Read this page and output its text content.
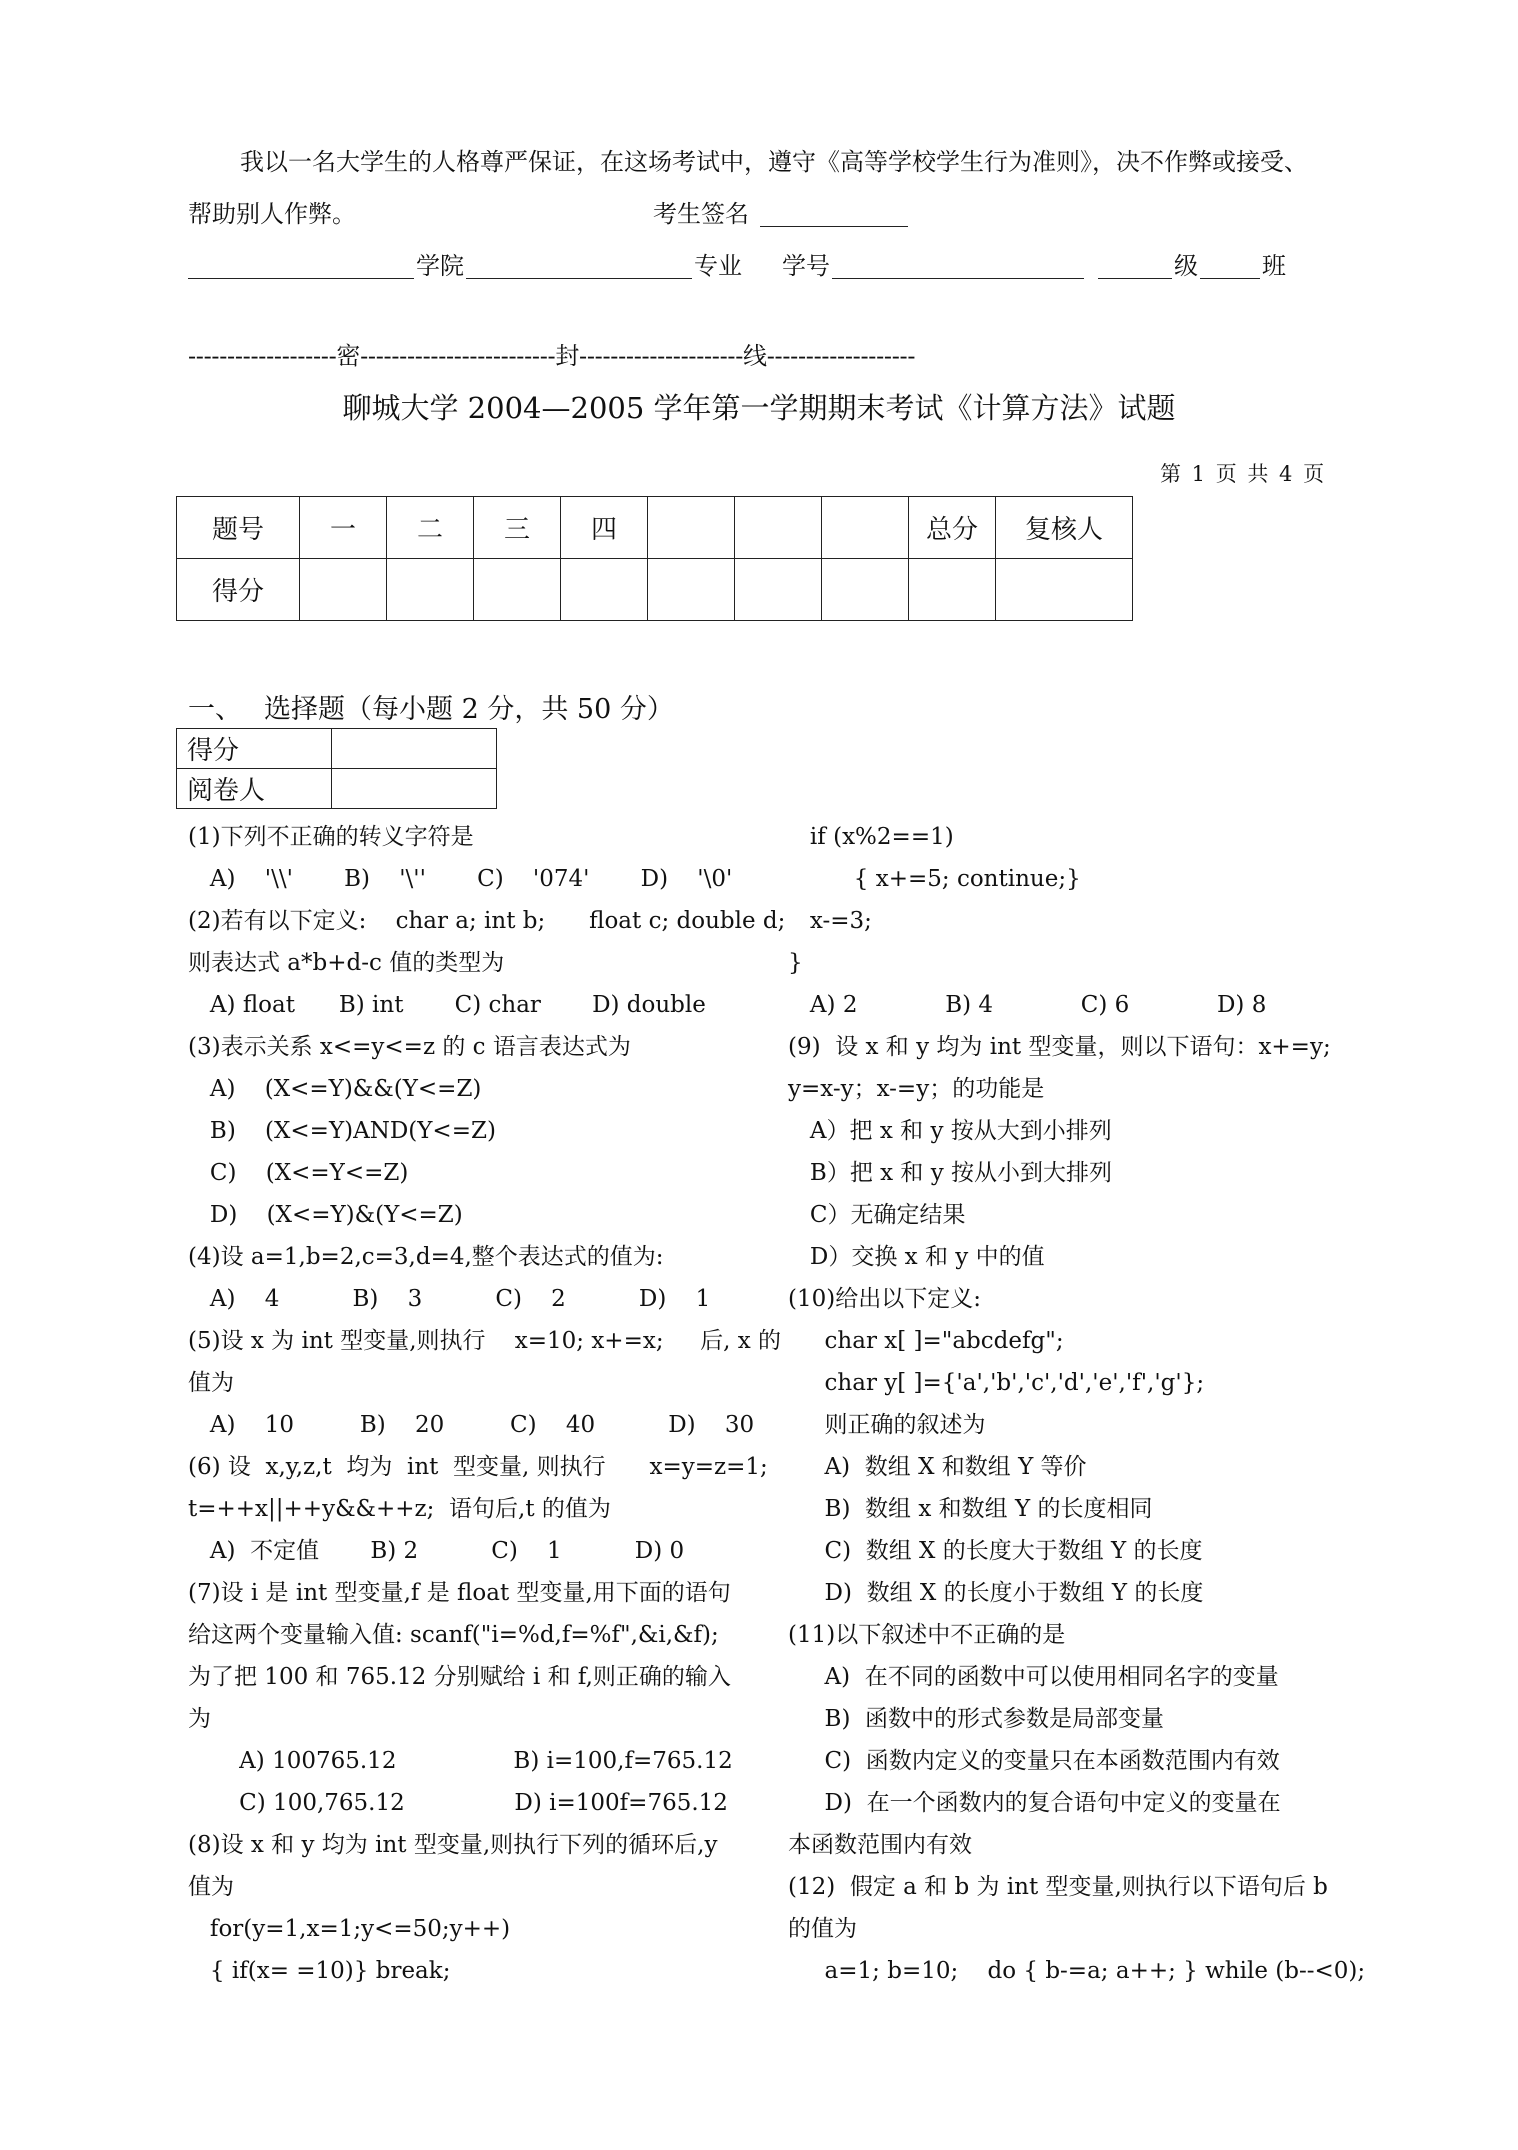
我以一名大学生的人格尊严保证，在这场考试中，遵守《高等学校学生行为准则》，决不作弊或接受、
帮助别人作弊。	考生签名
学院	专业 学号	级	班

-------------------密-------------------------封---------------------线-------------------

聊城大学 2004—2005 学年第一学期期末考试《计算方法》试题
第 1 页 共 4 页
题号	一	二	三	四				总分	复核人
得分									
一、 选择题（每小题 2 分，共 50 分）
得分	
阅卷人	
(1)下列不正确的转义字符是
A)    '\\'       B)    '\''       C)    '074'       D)    '\0'
(2)若有以下定义:    char a; int b;      float c; double d;
则表达式 a*b+d-c 值的类型为
A) float      B) int       C) char       D) double
(3)表示关系 x<=y<=z 的 c 语言表达式为
A)    (X<=Y)&&(Y<=Z)
B)    (X<=Y)AND(Y<=Z)
C)    (X<=Y<=Z)
D)    (X<=Y)&(Y<=Z)
(4)设 a=1,b=2,c=3,d=4,整个表达式的值为:
A)    4          B)    3          C)    2          D)    1
(5)设 x 为 int 型变量,则执行    x=10; x+=x;     后, x 的
值为
A)    10         B)    20         C)    40          D)    30
(6) 设  x,y,z,t  均为  int  型变量, 则执行      x=y=z=1;
t=++x||++y&&++z;  语句后,t 的值为
A)  不定值       B) 2          C)    1          D) 0
(7)设 i 是 int 型变量,f 是 float 型变量,用下面的语句
给这两个变量输入值: scanf("i=%d,f=%f",&i,&f);
为了把 100 和 765.12 分别赋给 i 和 f,则正确的输入
为
A) 100765.12                B) i=100,f=765.12
C) 100,765.12               D) i=100f=765.12
(8)设 x 和 y 均为 int 型变量,则执行下列的循环后,y
值为
for(y=1,x=1;y<=50;y++)
{ if(x= =10)} break;
if (x%2==1)
{ x+=5; continue;}
x-=3;
}
A) 2            B) 4            C) 6            D) 8
(9)  设 x 和 y 均为 int 型变量，则以下语句：x+=y;
y=x-y；x-=y；的功能是
A）把 x 和 y 按从大到小排列
B）把 x 和 y 按从小到大排列
C）无确定结果
D）交换 x 和 y 中的值
(10)给出以下定义:
char x[ ]="abcdefg";
char y[ ]={'a','b','c','d','e','f','g'};
则正确的叙述为
A)  数组 X 和数组 Y 等价
B)  数组 x 和数组 Y 的长度相同
C)  数组 X 的长度大于数组 Y 的长度
D)  数组 X 的长度小于数组 Y 的长度
(11)以下叙述中不正确的是
A)  在不同的函数中可以使用相同名字的变量
B)  函数中的形式参数是局部变量
C)  函数内定义的变量只在本函数范围内有效
D)  在一个函数内的复合语句中定义的变量在
本函数范围内有效
(12)  假定 a 和 b 为 int 型变量,则执行以下语句后 b
的值为
a=1; b=10;    do { b-=a; a++; } while (b--<0);
